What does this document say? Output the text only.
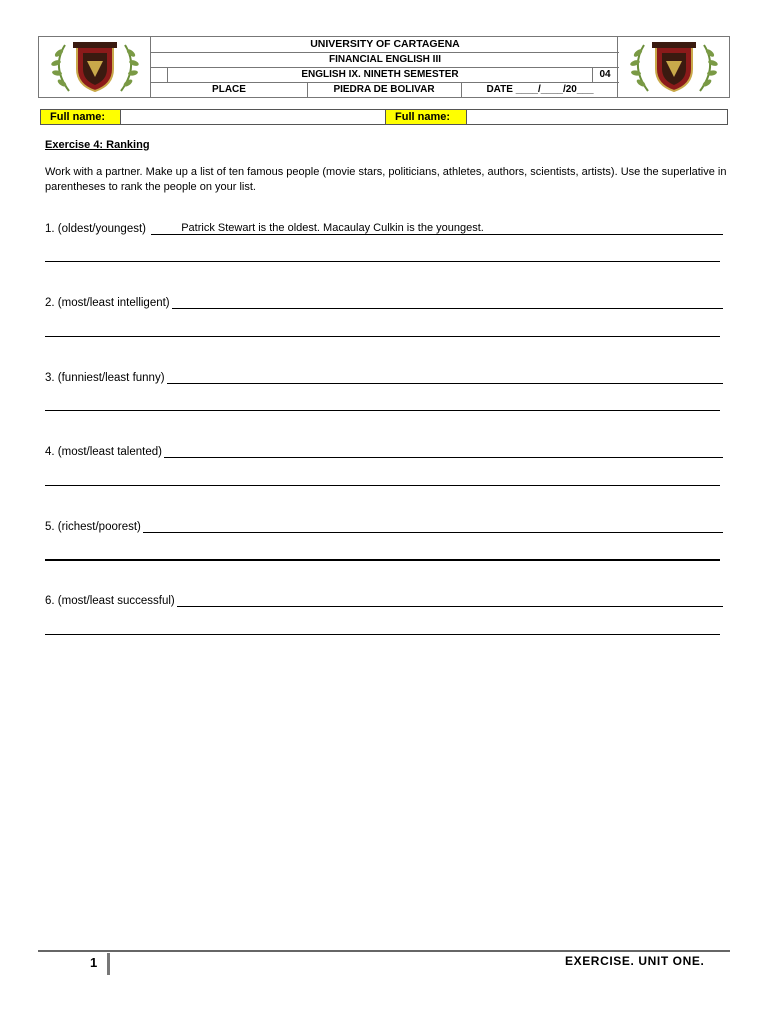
UNIVERSITY OF CARTAGENA
FINANCIAL ENGLISH III
ENGLISH IX. NINETH SEMESTER	04
PLACE	PIEDRA DE BOLIVAR	DATE ____/____/20___
Full name:	Full name:
Exercise 4: Ranking
Work with a partner. Make up a list of ten famous people (movie stars, politicians, athletes, authors, scientists, artists). Use the superlative in parentheses to rank the people on your list.
1. (oldest/youngest)	Patrick Stewart is the oldest. Macaulay Culkin is the youngest.
2. (most/least intelligent)
3. (funniest/least funny)
4. (most/least talented)
5. (richest/poorest)
6. (most/least successful)
1	EXERCISE. UNIT ONE.
